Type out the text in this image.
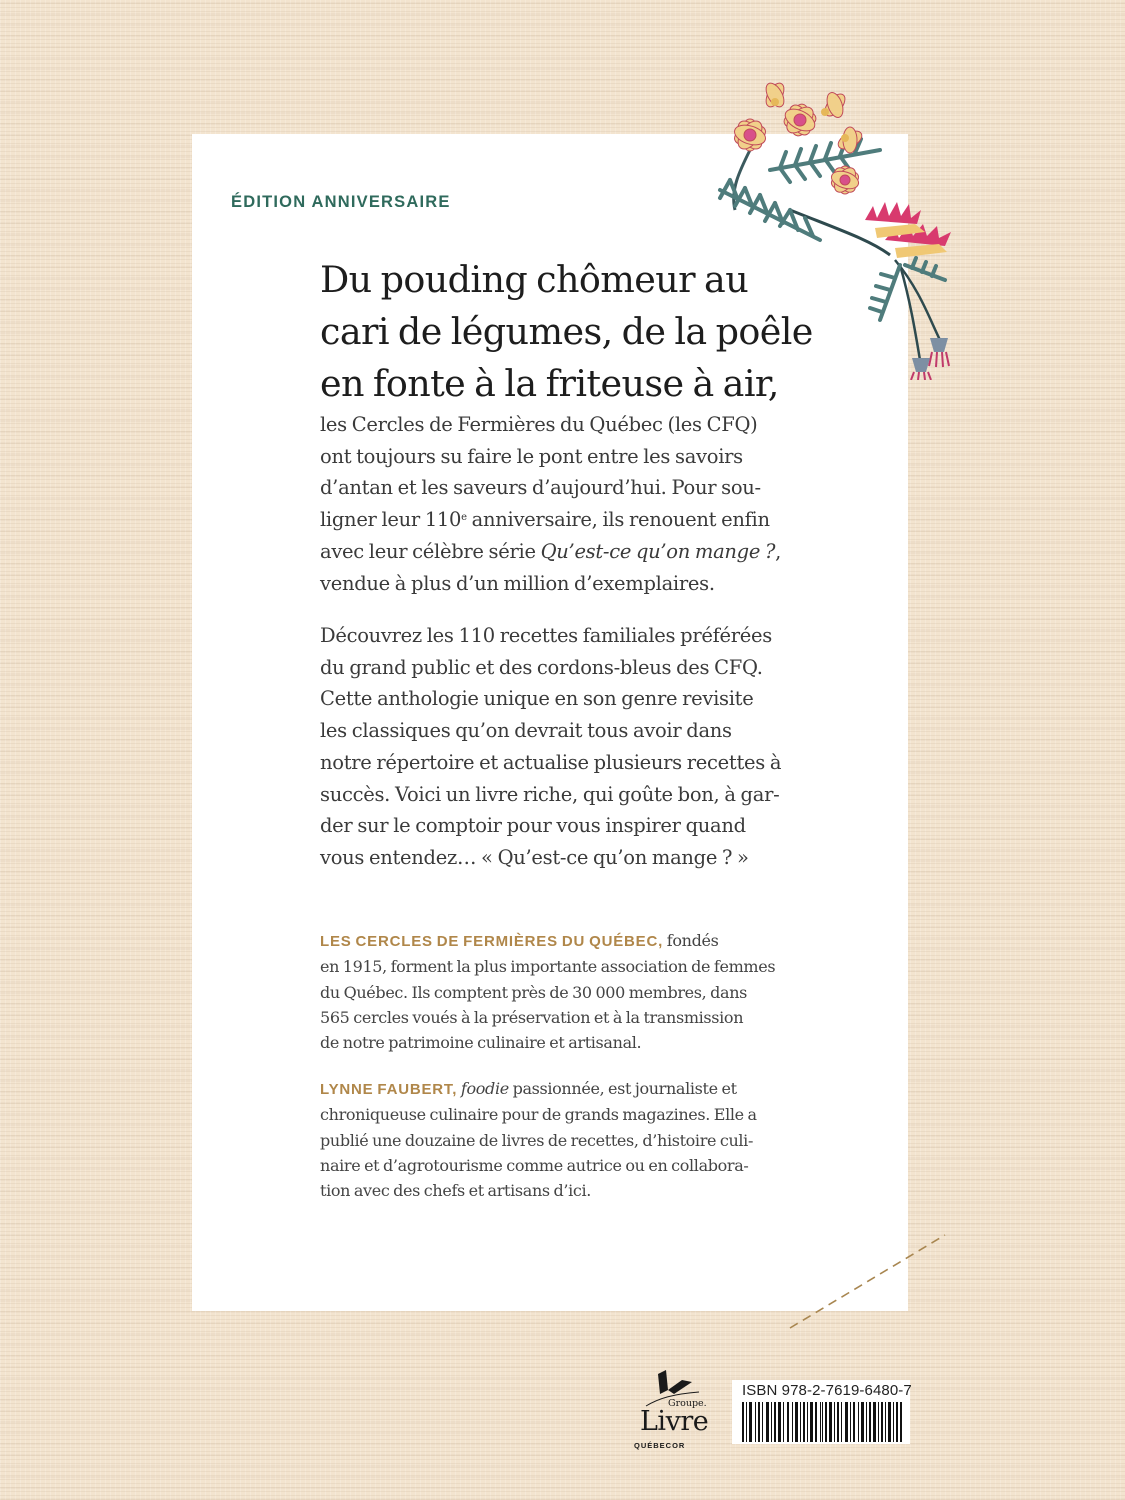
ÉDITION ANNIVERSAIRE
Du pouding chômeur au
cari de légumes, de la poêle
en fonte à la friteuse à air,
les Cercles de Fermières du Québec (les CFQ)
ont toujours su faire le pont entre les savoirs
d’antan et les saveurs d’aujourd’hui. Pour sou-
ligner leur 110e anniversaire, ils renouent enfin
avec leur célèbre série Qu’est-ce qu’on mange ?,
vendue à plus d’un million d’exemplaires.
Découvrez les 110 recettes familiales préférées
du grand public et des cordons-bleus des CFQ.
Cette anthologie unique en son genre revisite
les classiques qu’on devrait tous avoir dans
notre répertoire et actualise plusieurs recettes à
succès. Voici un livre riche, qui goûte bon, à gar-
der sur le comptoir pour vous inspirer quand
vous entendez… « Qu’est-ce qu’on mange ? »
LES CERCLES DE FERMIÈRES DU QUÉBEC, fondés
en 1915, forment la plus importante association de femmes
du Québec. Ils comptent près de 30 000 membres, dans
565 cercles voués à la préservation et à la transmission
de notre patrimoine culinaire et artisanal.
LYNNE FAUBERT, foodie passionnée, est journaliste et
chroniqueuse culinaire pour de grands magazines. Elle a
publié une douzaine de livres de recettes, d’histoire culi-
naire et d’agrotourisme comme autrice ou en collabora-
tion avec des chefs et artisans d’ici.
Groupe.
Livre
QUÉBECOR
ISBN 978-2-7619-6480-7
